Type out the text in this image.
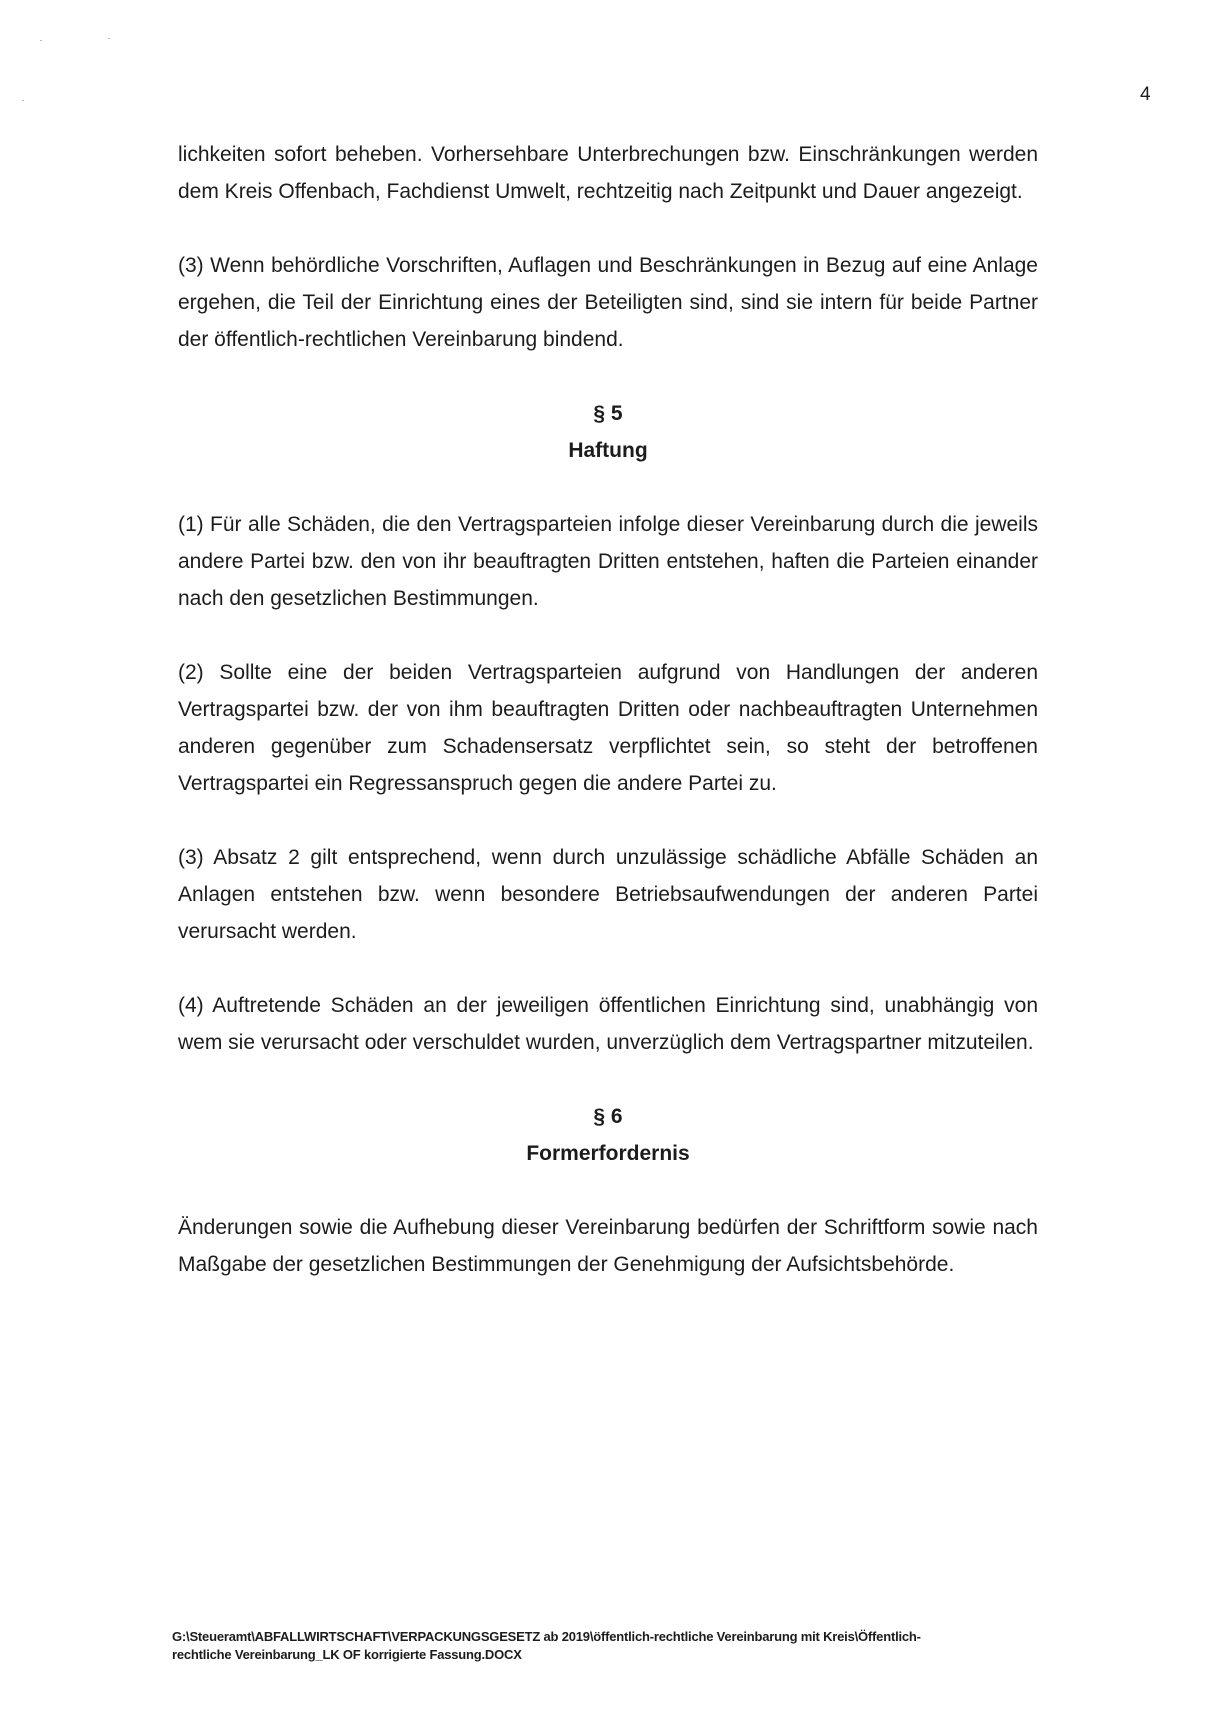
4

lichkeiten sofort beheben. Vorhersehbare Unterbrechungen bzw. Einschränkungen werden dem Kreis Offenbach, Fachdienst Umwelt, rechtzeitig nach Zeitpunkt und Dauer angezeigt.

(3) Wenn behördliche Vorschriften, Auflagen und Beschränkungen in Bezug auf eine Anlage ergehen, die Teil der Einrichtung eines der Beteiligten sind, sind sie intern für beide Partner der öffentlich-rechtlichen Vereinbarung bindend.

§ 5

Haftung

(1) Für alle Schäden, die den Vertragsparteien infolge dieser Vereinbarung durch die jeweils andere Partei bzw. den von ihr beauftragten Dritten entstehen, haften die Parteien einander nach den gesetzlichen Bestimmungen.

(2) Sollte eine der beiden Vertragsparteien aufgrund von Handlungen der anderen Vertragspartei bzw. der von ihm beauftragten Dritten oder nachbeauftragten Unternehmen anderen gegenüber zum Schadensersatz verpflichtet sein, so steht der betroffenen Vertragspartei ein Regressanspruch gegen die andere Partei zu.

(3) Absatz 2 gilt entsprechend, wenn durch unzulässige schädliche Abfälle Schäden an Anlagen entstehen bzw. wenn besondere Betriebsaufwendungen der anderen Partei verursacht werden.

(4) Auftretende Schäden an der jeweiligen öffentlichen Einrichtung sind, unabhängig von wem sie verursacht oder verschuldet wurden, unverzüglich dem Vertragspartner mitzuteilen.

§ 6

Formerfordernis

Änderungen sowie die Aufhebung dieser Vereinbarung bedürfen der Schriftform sowie nach Maßgabe der gesetzlichen Bestimmungen der Genehmigung der Aufsichtsbehörde.

G:\Steueramt\ABFALLWIRTSCHAFT\VERPACKUNGSGESETZ ab 2019\öffentlich-rechtliche Vereinbarung mit Kreis\Öffentlich-
rechtliche Vereinbarung_LK OF korrigierte Fassung.DOCX
